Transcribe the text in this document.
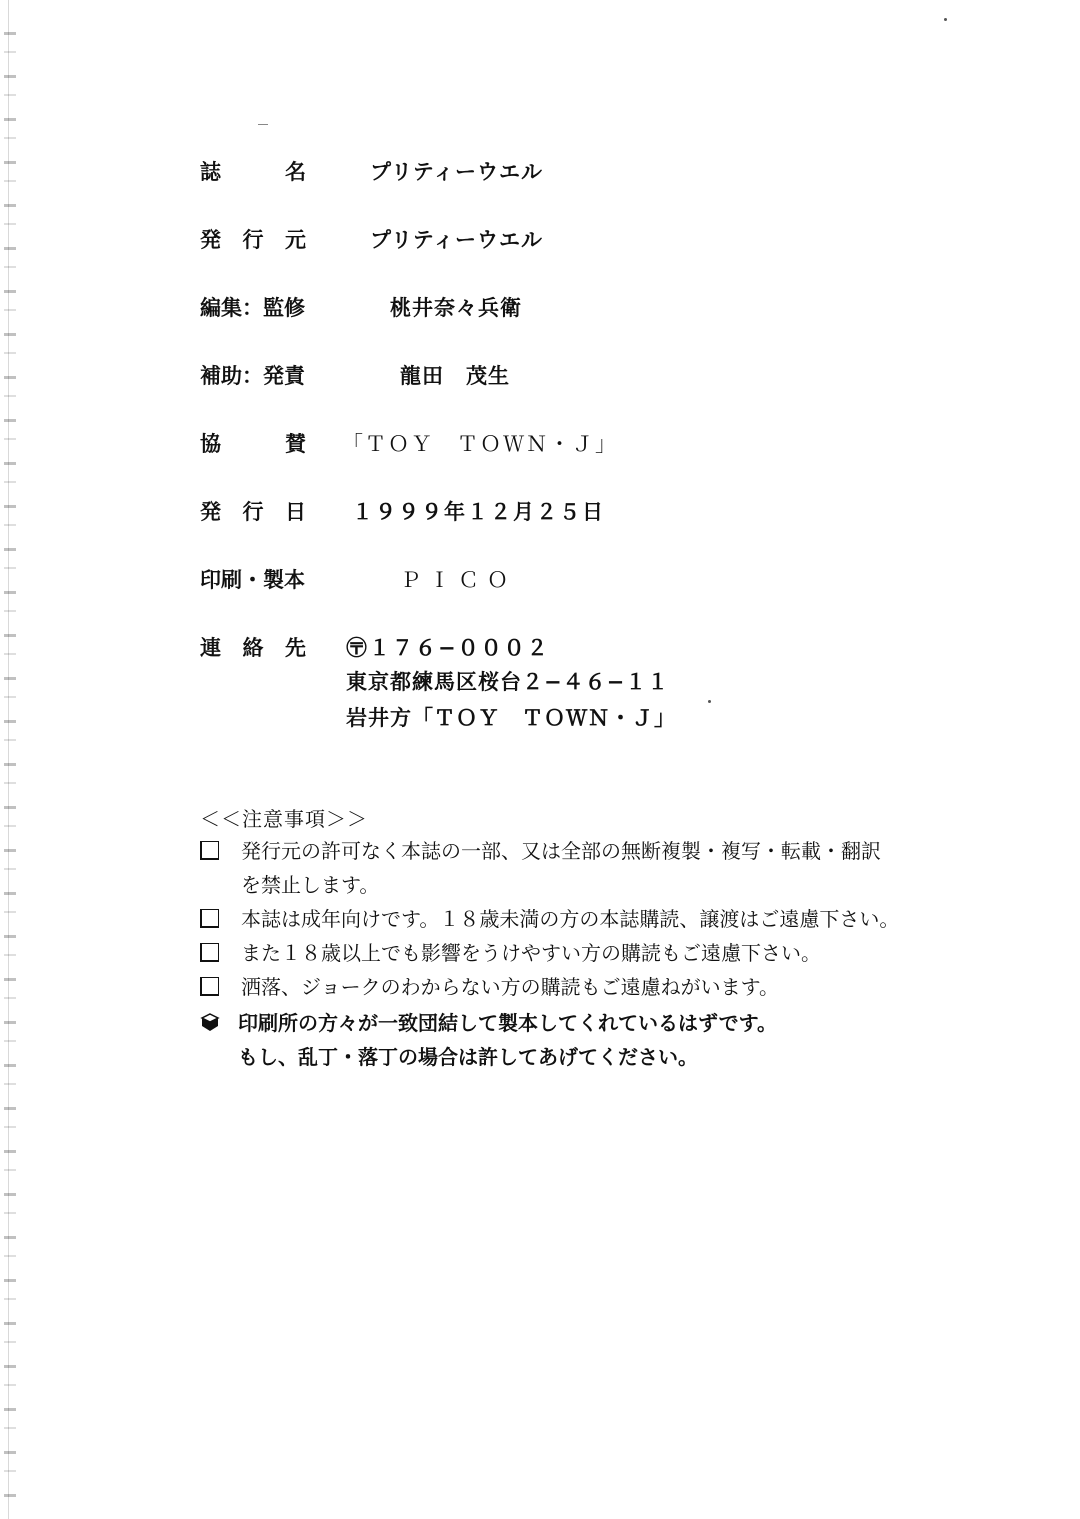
誌	名	プリティーウエル
発 行 元	プリティーウエル
編集：監修	桃井奈々兵衛
補助：発責	龍田　茂生
協	賛 「ＴＯＹ　ＴＯＷＮ・Ｊ」
発 行 日 １９９９年１２月２５日
印刷・製本	ＰＩＣＯ
連 絡 先 〶１７６−０００２
東京都練馬区桜台２−４６−１１
岩井方「ＴＯＹ　ＴＯＷＮ・Ｊ」
＜＜注意事項＞＞
発行元の許可なく本誌の一部、又は全部の無断複製・複写・転載・翻訳
を禁止します。
本誌は成年向けです。１８歳未満の方の本誌購読、譲渡はご遠慮下さい。
また１８歳以上でも影響をうけやすい方の購読もご遠慮下さい。
洒落、ジョークのわからない方の購読もご遠慮ねがいます。
印刷所の方々が一致団結して製本してくれているはずです。
もし、乱丁・落丁の場合は許してあげてください。
